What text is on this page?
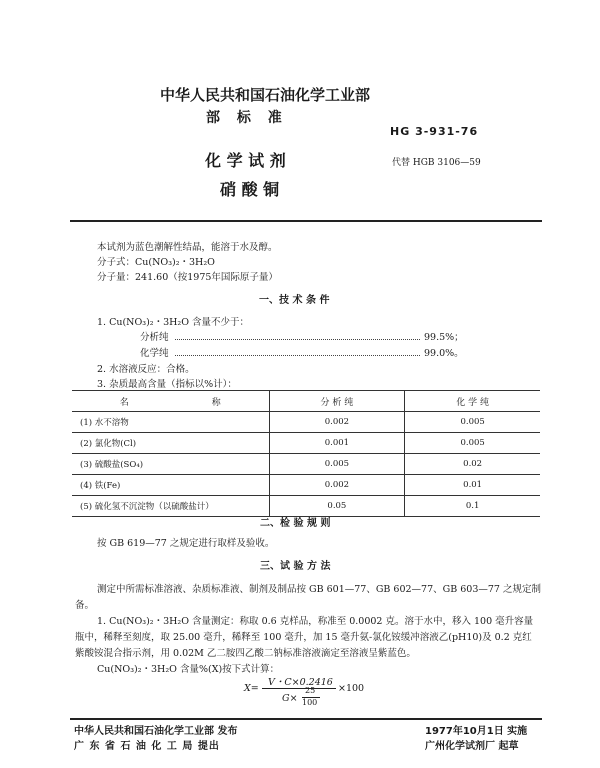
中华人民共和国石油化学工业部
部 标 准
HG 3-931-76
化 学 试 剂	代替 HGB 3106—59
硝 酸 铜
本试剂为蓝色潮解性结晶，能溶于水及醇。
分子式：Cu(NO₃)₂・3H₂O
分子量：241.60（按1975年国际原子量）
一、技 术 条 件
1. Cu(NO₃)₂・3H₂O 含量不少于：
分析纯	99.5%；
化学纯	99.0%。
2. 水溶液反应：合格。
3. 杂质最高含量（指标以%计）：
名 称	分 析 纯	化 学 纯
(1) 水不溶物	0.002	0.005
(2) 氯化物(Cl)	0.001	0.005
(3) 硫酸盐(SO₄)	0.005	0.02
(4) 铁(Fe)	0.002	0.01
(5) 硫化氢不沉淀物（以硫酸盐计）	0.05	0.1
二、检 验 规 则
按 GB 619—77 之规定进行取样及验收。
三、试 验 方 法
测定中所需标准溶液、杂质标准液、制剂及制品按 GB 601—77、GB 602—77、GB 603—77 之规定制
备。
1. Cu(NO₃)₂・3H₂O 含量测定：称取 0.6 克样品，称准至 0.0002 克。溶于水中，移入 100 毫升容量
瓶中，稀释至刻度，取 25.00 毫升，稀释至 100 毫升，加 15 毫升氨-氯化铵缓冲溶液乙(pH10)及 0.2 克红
紫酸铵混合指示剂，用 0.02M 乙二胺四乙酸二钠标准溶液滴定至溶液呈紫蓝色。
Cu(NO₃)₂・3H₂O 含量%(X)按下式计算：
X=
V・C×0.2416
G×
25
100
×100
中华人民共和国石油化学工业部 发布
广 东 省 石 油 化 工 局 提出
1977年10月1日 实施
广州化学试剂厂 起草
